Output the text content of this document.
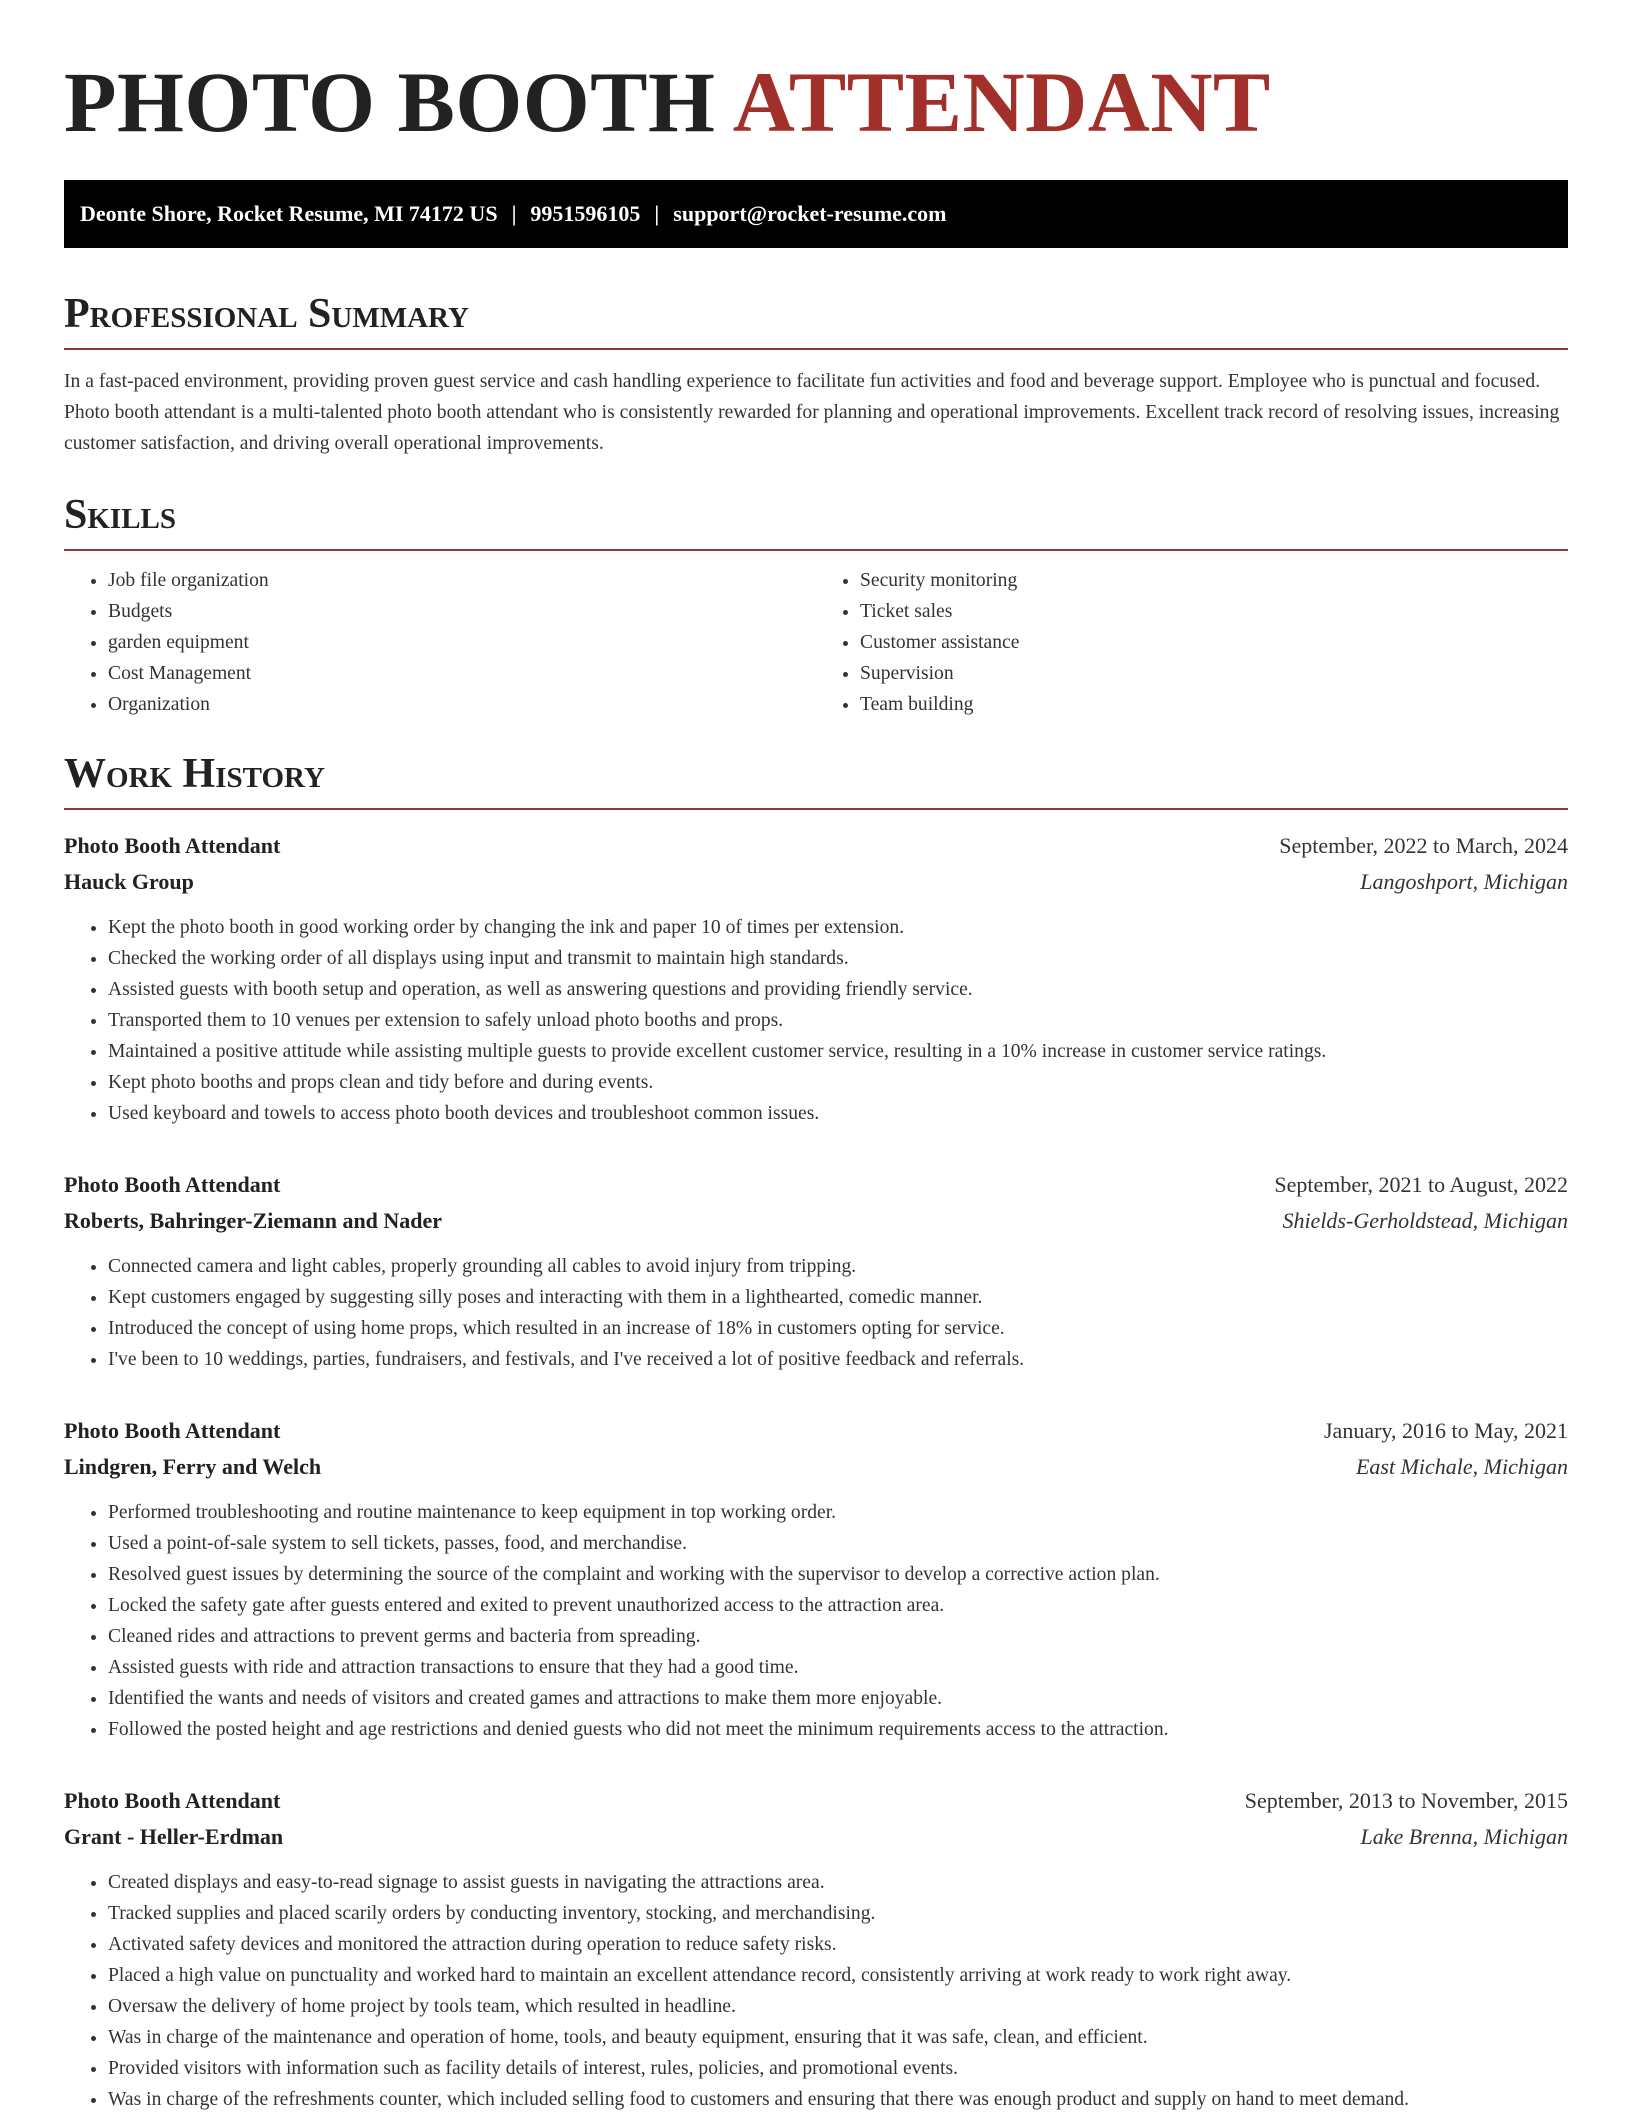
PHOTO BOOTH ATTENDANT
Deonte Shore, Rocket Resume, MI 74172 US | 9951596105 | support@rocket-resume.com
Professional Summary

In a fast-paced environment, providing proven guest service and cash handling experience to facilitate fun activities and food and beverage support. Employee who is punctual and focused. Photo booth attendant is a multi-talented photo booth attendant who is consistently rewarded for planning and operational improvements. Excellent track record of resolving issues, increasing customer satisfaction, and driving overall operational improvements.

Skills
• Job file organization
• Budgets
• garden equipment
• Cost Management
• Organization
• Security monitoring
• Ticket sales
• Customer assistance
• Supervision
• Team building
Work History
Photo Booth Attendant	September, 2022 to March, 2024
Hauck Group	Langoshport, Michigan
• Kept the photo booth in good working order by changing the ink and paper 10 of times per extension.
• Checked the working order of all displays using input and transmit to maintain high standards.
• Assisted guests with booth setup and operation, as well as answering questions and providing friendly service.
• Transported them to 10 venues per extension to safely unload photo booths and props.
• Maintained a positive attitude while assisting multiple guests to provide excellent customer service, resulting in a 10% increase in customer service ratings.
• Kept photo booths and props clean and tidy before and during events.
• Used keyboard and towels to access photo booth devices and troubleshoot common issues.
Photo Booth Attendant	September, 2021 to August, 2022
Roberts, Bahringer-Ziemann and Nader	Shields-Gerholdstead, Michigan
• Connected camera and light cables, properly grounding all cables to avoid injury from tripping.
• Kept customers engaged by suggesting silly poses and interacting with them in a lighthearted, comedic manner.
• Introduced the concept of using home props, which resulted in an increase of 18% in customers opting for service.
• I've been to 10 weddings, parties, fundraisers, and festivals, and I've received a lot of positive feedback and referrals.
Photo Booth Attendant	January, 2016 to May, 2021
Lindgren, Ferry and Welch	East Michale, Michigan
• Performed troubleshooting and routine maintenance to keep equipment in top working order.
• Used a point-of-sale system to sell tickets, passes, food, and merchandise.
• Resolved guest issues by determining the source of the complaint and working with the supervisor to develop a corrective action plan.
• Locked the safety gate after guests entered and exited to prevent unauthorized access to the attraction area.
• Cleaned rides and attractions to prevent germs and bacteria from spreading.
• Assisted guests with ride and attraction transactions to ensure that they had a good time.
• Identified the wants and needs of visitors and created games and attractions to make them more enjoyable.
• Followed the posted height and age restrictions and denied guests who did not meet the minimum requirements access to the attraction.
Photo Booth Attendant	September, 2013 to November, 2015
Grant - Heller-Erdman	Lake Brenna, Michigan
• Created displays and easy-to-read signage to assist guests in navigating the attractions area.
• Tracked supplies and placed scarily orders by conducting inventory, stocking, and merchandising.
• Activated safety devices and monitored the attraction during operation to reduce safety risks.
• Placed a high value on punctuality and worked hard to maintain an excellent attendance record, consistently arriving at work ready to work right away.
• Oversaw the delivery of home project by tools team, which resulted in headline.
• Was in charge of the maintenance and operation of home, tools, and beauty equipment, ensuring that it was safe, clean, and efficient.
• Provided visitors with information such as facility details of interest, rules, policies, and promotional events.
• Was in charge of the refreshments counter, which included selling food to customers and ensuring that there was enough product and supply on hand to meet demand.
